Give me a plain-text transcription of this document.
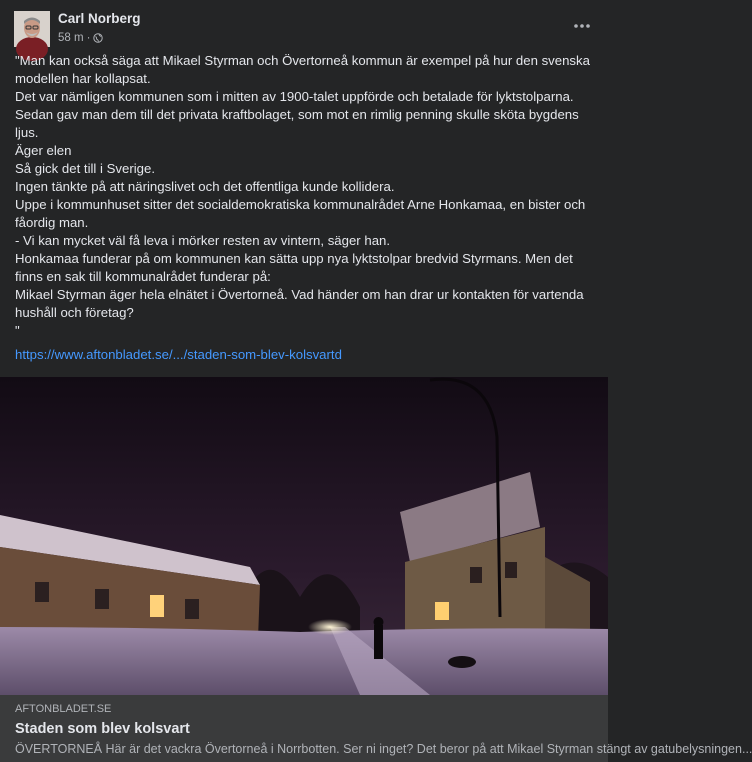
Carl Norberg
58 m ·

"Man kan också säga att Mikael Styrman och Övertorneå kommun är exempel på hur den svenska modellen har kollapsat.

Det var nämligen kommunen som i mitten av 1900-talet uppförde och betalade för lyktstolparna.

Sedan gav man dem till det privata kraftbolaget, som mot en rimlig penning skulle sköta bygdens ljus.

Äger elen

Så gick det till i Sverige.

Ingen tänkte på att näringslivet och det offentliga kunde kollidera.

Uppe i kommunhuset sitter det socialdemokratiska kommunalrådet Arne Honkamaa, en bister och fåordig man.

- Vi kan mycket väl få leva i mörker resten av vintern, säger han.

Honkamaa funderar på om kommunen kan sätta upp nya lyktstolpar bredvid Styrmans. Men det finns en sak till kommunalrådet funderar på:

Mikael Styrman äger hela elnätet i Övertorneå. Vad händer om han drar ur kontakten för vartenda hushåll och företag?

"

https://www.aftonbladet.se/.../staden-som-blev-kolsvartd
AFTONBLADET.SE
Staden som blev kolsvart
ÖVERTORNEÅ Här är det vackra Övertorneå i Norrbotten. Ser ni inget? Det beror på att Mikael Styrman stängt av gatubelysningen...
